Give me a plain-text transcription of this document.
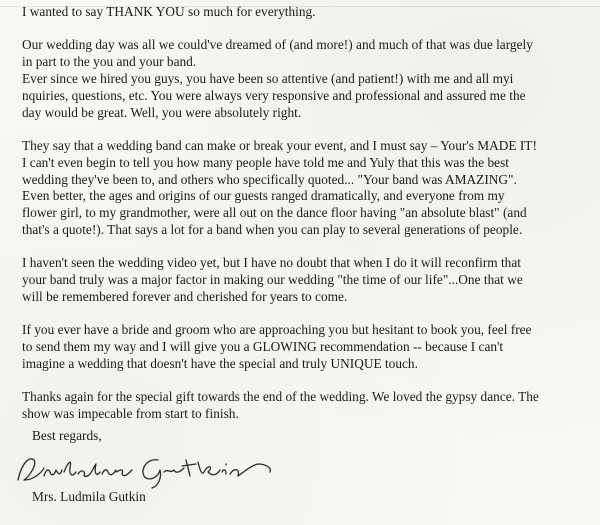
I wanted to say THANK YOU so much for everything.

Our wedding day was all we could've dreamed of (and more!) and much of that was due largely
in part to the you and your band.
Ever since we hired you guys, you have been so attentive (and patient!) with me and all myi
nquiries, questions, etc. You were always very responsive and professional and assured me the
day would be great. Well, you were absolutely right.

They say that a wedding band can make or break your event, and I must say – Your's MADE IT!
I can't even begin to tell you how many people have told me and Yuly that this was the best
wedding they've been to, and others who specifically quoted... "Your band was AMAZING".
Even better, the ages and origins of our guests ranged dramatically, and everyone from my
flower girl, to my grandmother, were all out on the dance floor having "an absolute blast" (and
that's a quote!). That says a lot for a band when you can play to several generations of people.

I haven't seen the wedding video yet, but I have no doubt that when I do it will reconfirm that
your band truly was a major factor in making our wedding "the time of our life"...One that we
will be remembered forever and cherished for years to come.

If you ever have a bride and groom who are approaching you but hesitant to book you, feel free
to send them my way and I will give you a GLOWING recommendation -- because I can't
imagine a wedding that doesn't have the special and truly UNIQUE touch.

Thanks again for the special gift towards the end of the wedding. We loved the gypsy dance. The
show was impecable from start to finish.

Best regards,
Mrs. Ludmila Gutkin
